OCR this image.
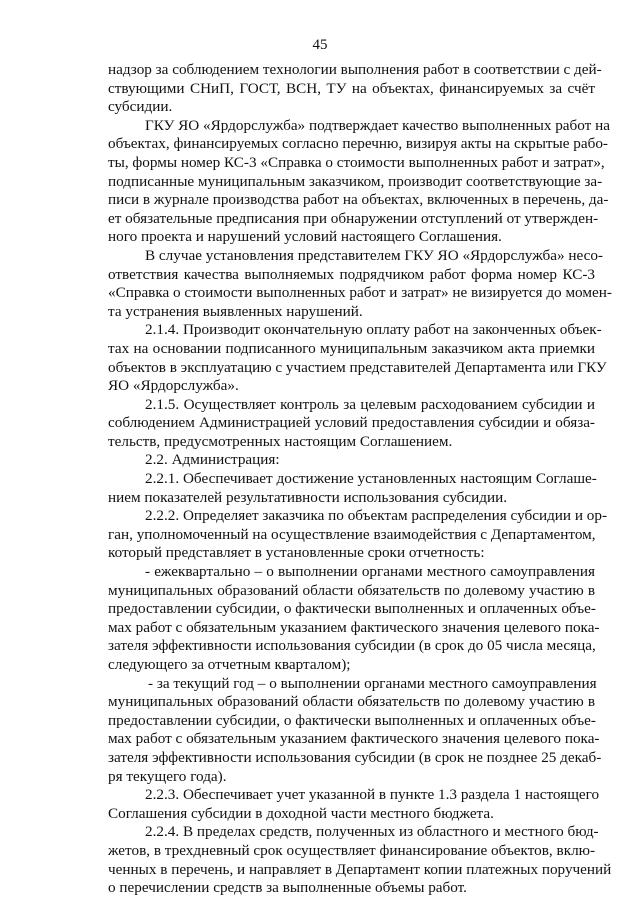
45
надзор за соблюдением технологии выполнения работ в соответствии с дей-
ствующими СНиП, ГОСТ, ВСН, ТУ на объектах, финансируемых за счёт
субсидии.
ГКУ ЯО «Ярдорслужба» подтверждает качество выполненных работ на
объектах, финансируемых согласно перечню, визируя акты на скрытые рабо-
ты, формы номер КС-3 «Справка о стоимости выполненных работ и затрат»,
подписанные муниципальным заказчиком, производит соответствующие за-
писи в журнале производства работ на объектах, включенных в перечень, да-
ет обязательные предписания при обнаружении отступлений от утвержден-
ного проекта и нарушений условий настоящего Соглашения.
В случае установления представителем ГКУ ЯО «Ярдорслужба» несо-
ответствия качества выполняемых подрядчиком работ форма номер КС-3
«Справка о стоимости выполненных работ и затрат» не визируется до момен-
та устранения выявленных нарушений.
2.1.4. Производит окончательную оплату работ на законченных объек-
тах на основании подписанного муниципальным заказчиком акта приемки
объектов в эксплуатацию с участием представителей Департамента или ГКУ
ЯО «Ярдорслужба».
2.1.5. Осуществляет контроль за целевым расходованием субсидии и
соблюдением Администрацией условий предоставления субсидии и обяза-
тельств, предусмотренных настоящим Соглашением.
2.2. Администрация:
2.2.1. Обеспечивает достижение установленных настоящим Соглаше-
нием показателей результативности использования субсидии.
2.2.2. Определяет заказчика по объектам распределения субсидии и ор-
ган, уполномоченный на осуществление взаимодействия с Департаментом,
который представляет в установленные сроки отчетность:
- ежеквартально – о выполнении органами местного самоуправления
муниципальных образований области обязательств по долевому участию в
предоставлении субсидии, о фактически выполненных и оплаченных объе-
мах работ с обязательным указанием фактического значения целевого пока-
зателя эффективности использования субсидии (в срок до 05 числа месяца,
следующего за отчетным кварталом);
- за текущий год – о выполнении органами местного самоуправления
муниципальных образований области обязательств по долевому участию в
предоставлении субсидии, о фактически выполненных и оплаченных объе-
мах работ с обязательным указанием фактического значения целевого пока-
зателя эффективности использования субсидии (в срок не позднее 25 декаб-
ря текущего года).
2.2.3. Обеспечивает учет указанной в пункте 1.3 раздела 1 настоящего
Соглашения субсидии в доходной части местного бюджета.
2.2.4. В пределах средств, полученных из областного и местного бюд-
жетов, в трехдневный срок осуществляет финансирование объектов, вклю-
ченных в перечень, и направляет в Департамент копии платежных поручений
о перечислении средств за выполненные объемы работ.
